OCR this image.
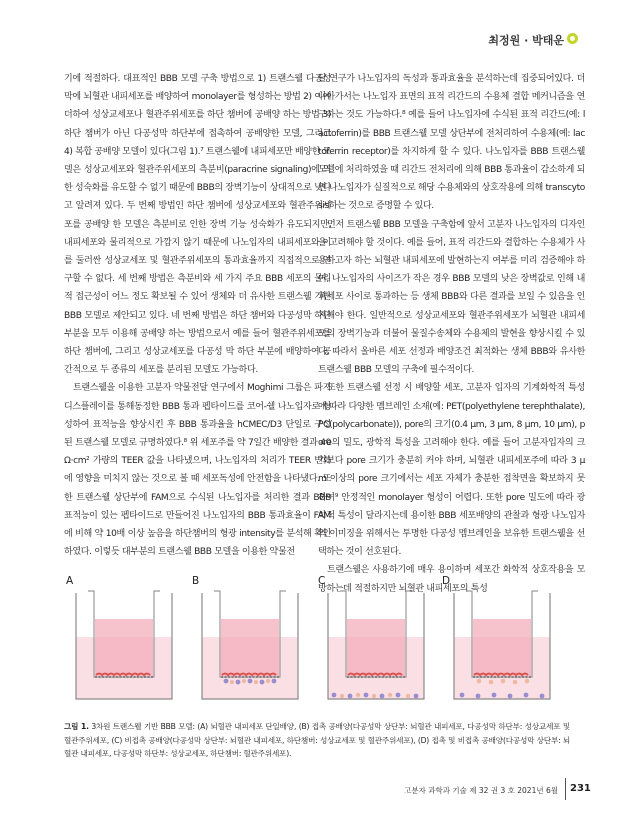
최정원 · 박태운

기에 적절하다. 대표적인 BBB 모델 구축 방법으로 1) 트랜스웰 다공성 막에 뇌혈관 내피세포를 배양하여 monolayer를 형성하는 방법 2) 이에 더하여 성상교세포나 혈관주위세포를 하단 챔버에 공배양 하는 방법 3) 하단 챔버가 아닌 다공성막 하단부에 접촉하여 공배양한 모델, 그리고 4) 복합 공배양 모델이 있다(그림 1).⁷ 트랜스웰에 내피세포만 배양한 모델은 성상교세포와 혈관주위세포의 측분비(paracrine signaling)에 의한 성숙화를 유도할 수 없기 때문에 BBB의 장벽기능이 상대적으로 낮다고 알려져 있다. 두 번째 방법인 하단 챔버에 성상교세포와 혈관주위세포를 공배양 한 모델은 측분비로 인한 장벽 기능 성숙화가 유도되지만, 내피세포와 물리적으로 가깝지 않기 때문에 나노입자의 내피세포와 이를 둘러싼 성상교세포 및 혈관주위세포의 통과효율까지 직접적으로 연구할 수 없다. 세 번째 방법은 측분비와 세 가지 주요 BBB 세포의 물리적 접근성이 어느 정도 확보될 수 있어 생체와 더 유사한 트랜스웰 기반 BBB 모델로 제안되고 있다. 네 번째 방법은 하단 챔버와 다공성막 하단 부분을 모두 이용해 공배양 하는 방법으로서 예를 들어 혈관주위세포를 하단 챔버에, 그리고 성상교세포를 다공성 막 하단 부분에 배양하여 공간적으로 두 종류의 세포를 분리된 모델도 가능하다.

트랜스웰을 이용한 고분자 약물전달 연구에서 Moghimi 그룹은 파지 디스플레이를 통해동정한 BBB 통과 펩타이드를 코어-쉘 나노입자로 형성하여 표적능을 향상시킨 후 BBB 통과율을 hCMEC/D3 단일로 구성된 트랜스웰 모델로 규명하였다.⁸ 위 세포주를 약 7일간 배양한 결과 40 Ω·cm² 가량의 TEER 값을 나타냈으며, 나노입자의 처리가 TEER 변화에 영향을 미치지 않는 것으로 볼 때 세포독성에 안전함을 나타냈다. 또한 트랜스웰 상단부에 FAM으로 수식된 나노입자를 처리한 결과 BBB 표적능이 있는 펩타이드로 만들어진 나노입자의 BBB 통과효율이 FAM에 비해 약 10배 이상 높음을 하단챔버의 형광 intensity를 분석해 확인하였다. 이렇듯 대부분의 트랜스웰 BBB 모델을 이용한 약물전

달 연구가 나노입자의 독성과 통과효율을 분석하는데 집중되어있다. 더 나아가서는 나노입자 표면의 표적 리간드의 수용체 결합 메커니즘을 연구하는 것도 가능하다.⁸ 예를 들어 나노입자에 수식된 표적 리간드(예: lactoferrin)를 BBB 트랜스웰 모델 상단부에 전처리하여 수용체(예: lactoferrin receptor)를 차지하게 할 수 있다. 나노입자를 BBB 트랜스웰 모델에 처리하였을 때 리간드 전처리에 의해 BBB 통과율이 감소하게 되면 나노입자가 실질적으로 해당 수용체와의 상호작용에 의해 transcytosis하는 것으로 증명할 수 있다.

먼저 트랜스웰 BBB 모델을 구축함에 앞서 고분자 나노입자의 디자인을 고려해야 할 것이다. 예를 들어, 표적 리간드와 결합하는 수용체가 사용하고자 하는 뇌혈관 내피세포에 발현하는지 여부를 미리 검증해야 하며, 나노입자의 사이즈가 작은 경우 BBB 모델의 낮은 장벽값로 인해 내피세포 사이로 통과하는 등 생체 BBB와 다른 결과를 보일 수 있음을 인지해야 한다. 일반적으로 성상교세포와 혈관주위세포가 뇌혈관 내피세포의 장벽기능과 더불어 물질수송체와 수용체의 발현을 향상시킬 수 있다. 따라서 올바른 세포 선정과 배양조건 최적화는 생체 BBB와 유사한 트랜스웰 BBB 모델의 구축에 필수적이다.

또한 트랜스웰 선정 시 배양할 세포, 고분자 입자의 기계화학적 특성에 따라 다양한 멤브레인 소재(예: PET(polyethylene terephthalate), PC(polycarbonate)), pore의 크기(0.4 μm, 3 μm, 8 μm, 10 μm), pore의 밀도, 광학적 특성을 고려해야 한다. 예를 들어 고분자입자의 크기보다 pore 크기가 충분히 커야 하며, 뇌혈관 내피세포주에 따라 3 μm 이상의 pore 크기에서는 세포 자체가 충분한 접착면을 확보하지 못하여⁹ 안정적인 monolayer 형성이 어렵다. 또한 pore 밀도에 따라 광학적 특성이 달라지는데 용이한 BBB 세포배양의 관찰과 형광 나노입자의 이미징을 위해서는 투명한 다공성 멤브레인을 보유한 트랜스웰을 선택하는 것이 선호된다.

트랜스웰은 사용하기에 매우 용이하며 세포간 화학적 상호작용을 모방하는데 적절하지만 뇌혈관 내피세포의 특성

A	B	C	D
그림 1. 3차원 트랜스웰 기반 BBB 모델: (A) 뇌혈관 내피세포 단일배양, (B) 접촉 공배양(다공성막 상단부: 뇌혈관 내피세포, 다공성막 하단부: 성상교세포 및 혈관주위세포, (C) 비접촉 공배양(다공성막 상단부: 뇌혈관 내피세포, 하단챔버: 성상교세포 및 혈관주위세포), (D) 접촉 및 비접촉 공배양(다공성막 상단부: 뇌혈관 내피세포, 다공성막 하단부: 성상교세포, 하단챔버: 혈관주위세포).
고분자 과학과 기술 제 32 권 3 호 2021년 6월 231
